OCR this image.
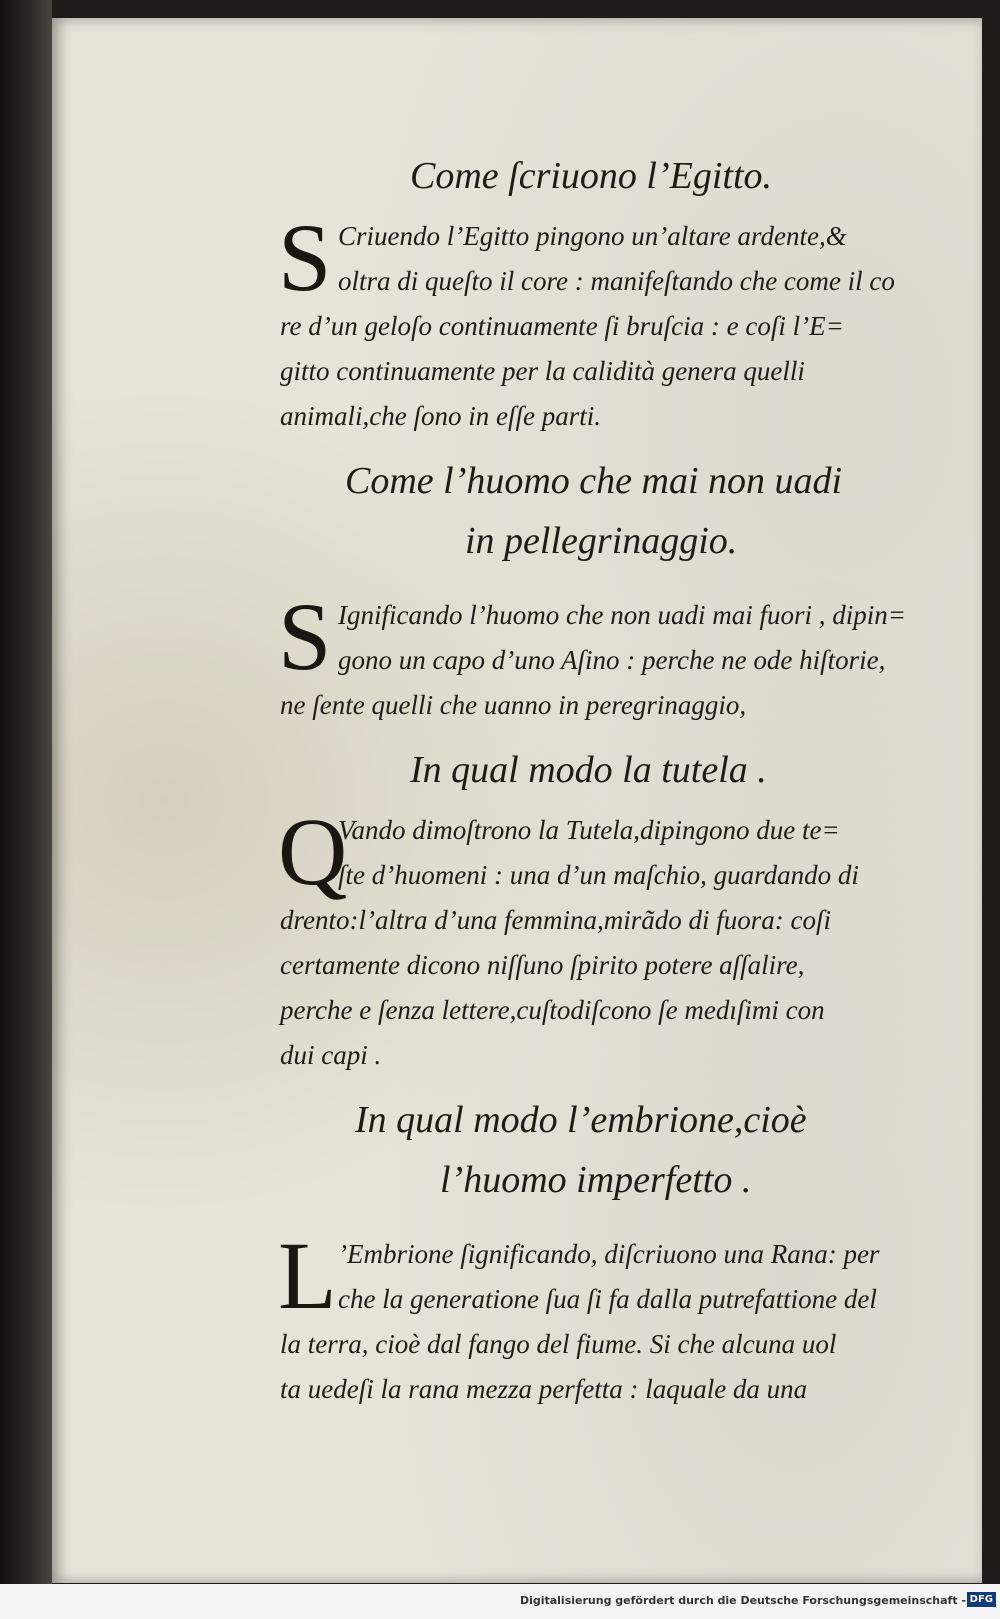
Come ſcriuono l’Egitto.
S Criuendo l’Egitto pingono un’altare ardente,&
oltra di queſto il core : manifeſtando che come il co
re d’un geloſo continuamente ſi bruſcia : e coſi l’E=
gitto continuamente per la calidità genera quelli
animali,che ſono in eſſe parti.
Come l’huomo che mai non uadi
in pellegrinaggio.
S Ignificando l’huomo che non uadi mai fuori , dipin=
gono un capo d’uno Aſino : perche ne ode hiſtorie,
ne ſente quelli che uanno in peregrinaggio,
In qual modo la tutela .
Q
Vando dimoſtrono la Tutela,dipingono due te=
ſte d’huomeni : una d’un maſchio, guardando di
drento:l’altra d’una femmina,mirãdo di fuora: coſi
certamente dicono niſſuno ſpirito potere aſſalire,
perche e ſenza lettere,cuſtodiſcono ſe medıſimi con
dui capi .
In qual modo l’embrione,cioè
l’huomo imperfetto .
L ’Embrione ſignificando, diſcriuono una Rana: per
che la generatione ſua ſi fa dalla putrefattione del
la terra, cioè dal fango del fiume. Si che alcuna uol
ta uedeſi la rana mezza perfetta : laquale da una
Digitalisierung gefördert durch die Deutsche Forschungsgemeinschaft - DFG
